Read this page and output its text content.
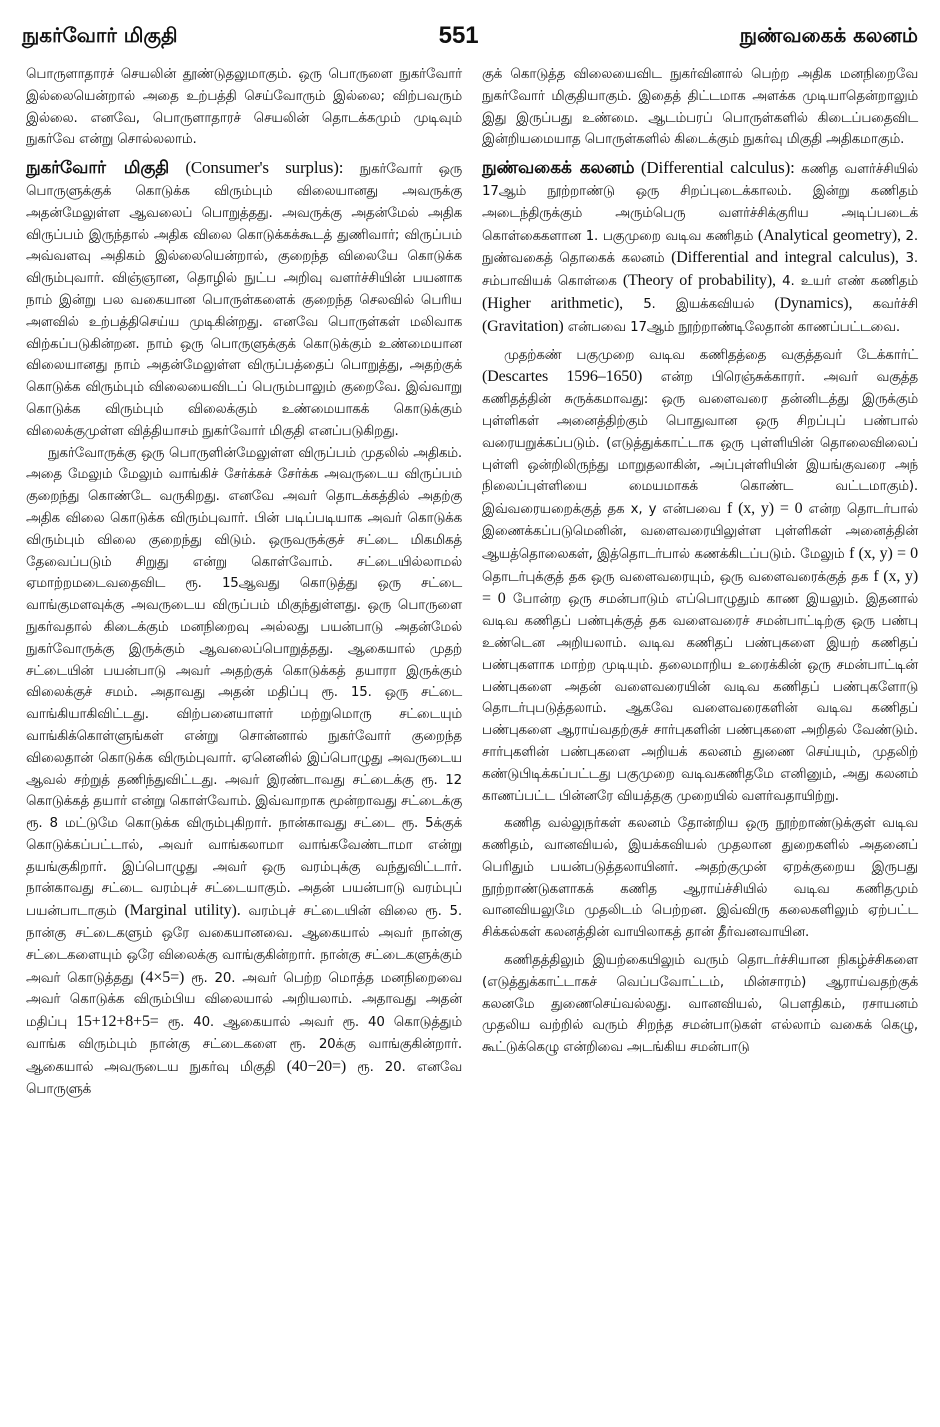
நுகர்வோர் மிகுதி	551	நுண்வகைக் கலனம்

பொருளாதாரச் செயலின் தூண்டுதலுமாகும். ஒரு பொருளை நுகர்வோர் இல்லையென்றால் அதை உற்பத்தி செய்வோரும் இல்லை; விற்பவரும் இல்லை. எனவே, பொருளாதாரச் செயலின் தொடக்கமும் முடிவும் நுகர்வே என்று சொல்லலாம்.

நுகர்வோர் மிகுதி (Consumer's surplus): நுகர்வோர் ஒரு பொருளுக்குக் கொடுக்க விரும்பும் விலையானது அவருக்கு அதன்மேலுள்ள ஆவலைப் பொறுத்தது. அவருக்கு அதன்மேல் அதிக விருப்பம் இருந்தால் அதிக விலை கொடுக்கக்கூடத் துணிவார்; விருப்பம் அவ்வளவு அதிகம் இல்லையென்றால், குறைந்த விலையே கொடுக்க விரும்புவார். விஞ்ஞான, தொழில் நுட்ப அறிவு வளர்ச்சியின் பயனாக நாம் இன்று பல வகையான பொருள்களைக் குறைந்த செலவில் பெரிய அளவில் உற்பத்திசெய்ய முடிகின்றது. எனவே பொருள்கள் மலிவாக விற்கப்படுகின்றன. நாம் ஒரு பொருளுக்குக் கொடுக்கும் உண்மையான விலையானது நாம் அதன்மேலுள்ள விருப்பத்தைப் பொறுத்து, அதற்குக் கொடுக்க விரும்பும் விலையைவிடப் பெரும்பாலும் குறைவே. இவ்வாறு கொடுக்க விரும்பும் விலைக்கும் உண்மையாகக் கொடுக்கும் விலைக்குமுள்ள வித்தியாசம் நுகர்வோர் மிகுதி எனப்படுகிறது.

நுகர்வோருக்கு ஒரு பொருளின்மேலுள்ள விருப்பம் முதலில் அதிகம். அதை மேலும் மேலும் வாங்கிச் சேர்க்கச் சேர்க்க அவருடைய விருப்பம் குறைந்து கொண்டே வருகிறது. எனவே அவர் தொடக்கத்தில் அதற்கு அதிக விலை கொடுக்க விரும்புவார். பின் படிப்படியாக அவர் கொடுக்க விரும்பும் விலை குறைந்து விடும். ஒருவருக்குச் சட்டை மிகமிகத் தேவைப்படும் சிறுது என்று கொள்வோம். சட்டையில்லாமல் ஏமாற்றமடைவதைவிட ரூ. 15ஆவது கொடுத்து ஒரு சட்டை வாங்குமளவுக்கு அவருடைய விருப்பம் மிகுந்துள்ளது. ஒரு பொருளை நுகர்வதால் கிடைக்கும் மனநிறைவு அல்லது பயன்பாடு அதன்மேல் நுகர்வோருக்கு இருக்கும் ஆவலைப்பொறுத்தது. ஆகையால் முதற் சட்டையின் பயன்பாடு அவர் அதற்குக் கொடுக்கத் தயாரா இருக்கும் விலைக்குச் சமம். அதாவது அதன் மதிப்பு ரூ. 15. ஒரு சட்டை வாங்கியாகிவிட்டது. விற்பனையாளர் மற்றுமொரு சட்டையும் வாங்கிக்கொள்ளுங்கள் என்று சொன்னால் நுகர்வோர் குறைந்த விலைதான் கொடுக்க விரும்புவார். ஏனெனில் இப்பொழுது அவருடைய ஆவல் சற்றுத் தணிந்துவிட்டது. அவர் இரண்டாவது சட்டைக்கு ரூ. 12 கொடுக்கத் தயார் என்று கொள்வோம். இவ்வாறாக மூன்றாவது சட்டைக்கு ரூ. 8 மட்டுமே கொடுக்க விரும்புகிறார். நான்காவது சட்டை ரூ. 5க்குக் கொடுக்கப்பட்டால், அவர் வாங்கலாமா வாங்கவேண்டாமா என்று தயங்குகிறார். இப்பொழுது அவர் ஒரு வரம்புக்கு வந்துவிட்டார். நான்காவது சட்டை வரம்புச் சட்டையாகும். அதன் பயன்பாடு வரம்புப் பயன்பாடாகும் (Marginal utility). வரம்புச் சட்டையின் விலை ரூ. 5. நான்கு சட்டைகளும் ஒரே வகையானவை. ஆகையால் அவர் நான்கு சட்டைகளையும் ஒரே விலைக்கு வாங்குகின்றார். நான்கு சட்டைகளுக்கும் அவர் கொடுத்தது (4×5=) ரூ. 20. அவர் பெற்ற மொத்த மனநிறைவை அவர் கொடுக்க விரும்பிய விலையால் அறியலாம். அதாவது அதன் மதிப்பு 15+12+8+5= ரூ. 40. ஆகையால் அவர் ரூ. 40 கொடுத்தும் வாங்க விரும்பும் நான்கு சட்டைகளை ரூ. 20க்கு வாங்குகின்றார். ஆகையால் அவருடைய நுகர்வு மிகுதி (40−20=) ரூ. 20. எனவே பொருளுக்

குக் கொடுத்த விலையைவிட நுகர்வினால் பெற்ற அதிக மனநிறைவே நுகர்வோர் மிகுதியாகும். இதைத் திட்டமாக அளக்க முடியாதென்றாலும் இது இருப்பது உண்மை. ஆடம்பரப் பொருள்களில் கிடைப்பதைவிட இன்றியமையாத பொருள்களில் கிடைக்கும் நுகர்வு மிகுதி அதிகமாகும்.

நுண்வகைக் கலனம் (Differential calculus): கணித வளர்ச்சியில் 17ஆம் நூற்றாண்டு ஒரு சிறப்புடைக்காலம். இன்று கணிதம் அடைந்திருக்கும் அரும்பெரு வளர்ச்சிக்குரிய அடிப்படைக் கொள்கைகளான 1. பகுமுறை வடிவ கணிதம் (Analytical geometry), 2. நுண்வகைத் தொகைக் கலனம் (Differential and integral calculus), 3. சம்பாவியக் கொள்கை (Theory of probability), 4. உயர் எண் கணிதம் (Higher arithmetic), 5. இயக்கவியல் (Dynamics), கவர்ச்சி (Gravitation) என்பவை 17ஆம் நூற்றாண்டிலேதான் காணப்பட்டவை.

முதற்கண் பகுமுறை வடிவ கணிதத்தை வகுத்தவர் டேக்கார்ட் (Descartes 1596–1650) என்ற பிரெஞ்சுக்காரர். அவர் வகுத்த கணிதத்தின் சுருக்கமாவது: ஒரு வளைவரை தன்னிடத்து இருக்கும் புள்ளிகள் அனைத்திற்கும் பொதுவான ஒரு சிறப்புப் பண்பால் வரையறுக்கப்படும். (எடுத்துக்காட்டாக ஒரு புள்ளியின் தொலைவிலைப் புள்ளி ஒன்றிலிருந்து மாறுதலாகின், அப்புள்ளியின் இயங்குவரை அந் நிலைப்புள்ளியை மையமாகக் கொண்ட வட்டமாகும்). இவ்வரையறைக்குத் தக x, y என்பவை f (x, y) = 0 என்ற தொடர்பால் இணைக்கப்படுமெனின், வளைவரையிலுள்ள புள்ளிகள் அனைத்தின் ஆயத்தொலைகள், இத்தொடர்பால் கணக்கிடப்படும். மேலும் f (x, y) = 0 தொடர்புக்குத் தக ஒரு வளைவரையும், ஒரு வளைவரைக்குத் தக f (x, y) = 0 போன்ற ஒரு சமன்பாடும் எப்பொழுதும் காண இயலும். இதனால் வடிவ கணிதப் பண்புக்குத் தக வளைவரைச் சமன்பாட்டிற்கு ஒரு பண்பு உண்டென அறியலாம். வடிவ கணிதப் பண்புகளை இயற் கணிதப் பண்புகளாக மாற்ற முடியும். தலைமாறிய உரைக்கின் ஒரு சமன்பாட்டின் பண்புகளை அதன் வளைவரையின் வடிவ கணிதப் பண்புகளோடு தொடர்புபடுத்தலாம். ஆகவே வளைவரைகளின் வடிவ கணிதப் பண்புகளை ஆராய்வதற்குச் சார்புகளின் பண்புகளை அறிதல் வேண்டும். சார்புகளின் பண்புகளை அறியக் கலனம் துணை செய்யும், முதலிற் கண்டுபிடிக்கப்பட்டது பகுமுறை வடிவகணிதமே எனினும், அது கலனம் காணப்பட்ட பின்னரே வியத்தகு முறையில் வளர்வதாயிற்று.

கணித வல்லுநர்கள் கலனம் தோன்றிய ஒரு நூற்றாண்டுக்குள் வடிவ கணிதம், வானவியல், இயக்கவியல் முதலான துறைகளில் அதனைப் பெரிதும் பயன்படுத்தலாயினர். அதற்குமுன் ஏறக்குறைய இருபது நூற்றாண்டுகளாகக் கணித ஆராய்ச்சியில் வடிவ கணிதமும் வானவியலுமே முதலிடம் பெற்றன. இவ்விரு கலைகளிலும் ஏற்பட்ட சிக்கல்கள் கலனத்தின் வாயிலாகத் தான் தீர்வனவாயின.

கணிதத்திலும் இயற்கையிலும் வரும் தொடர்ச்சியான நிகழ்ச்சிகளை (எடுத்துக்காட்டாகச் வெப்பவோட்டம், மின்சாரம்) ஆராய்வதற்குக் கலனமே துணைசெய்வல்லது. வானவியல், பௌதிகம், ரசாயனம் முதலிய வற்றில் வரும் சிறந்த சமன்பாடுகள் எல்லாம் வகைக் கெழு, கூட்டுக்கெழு என்றிவை அடங்கிய சமன்பாடு
